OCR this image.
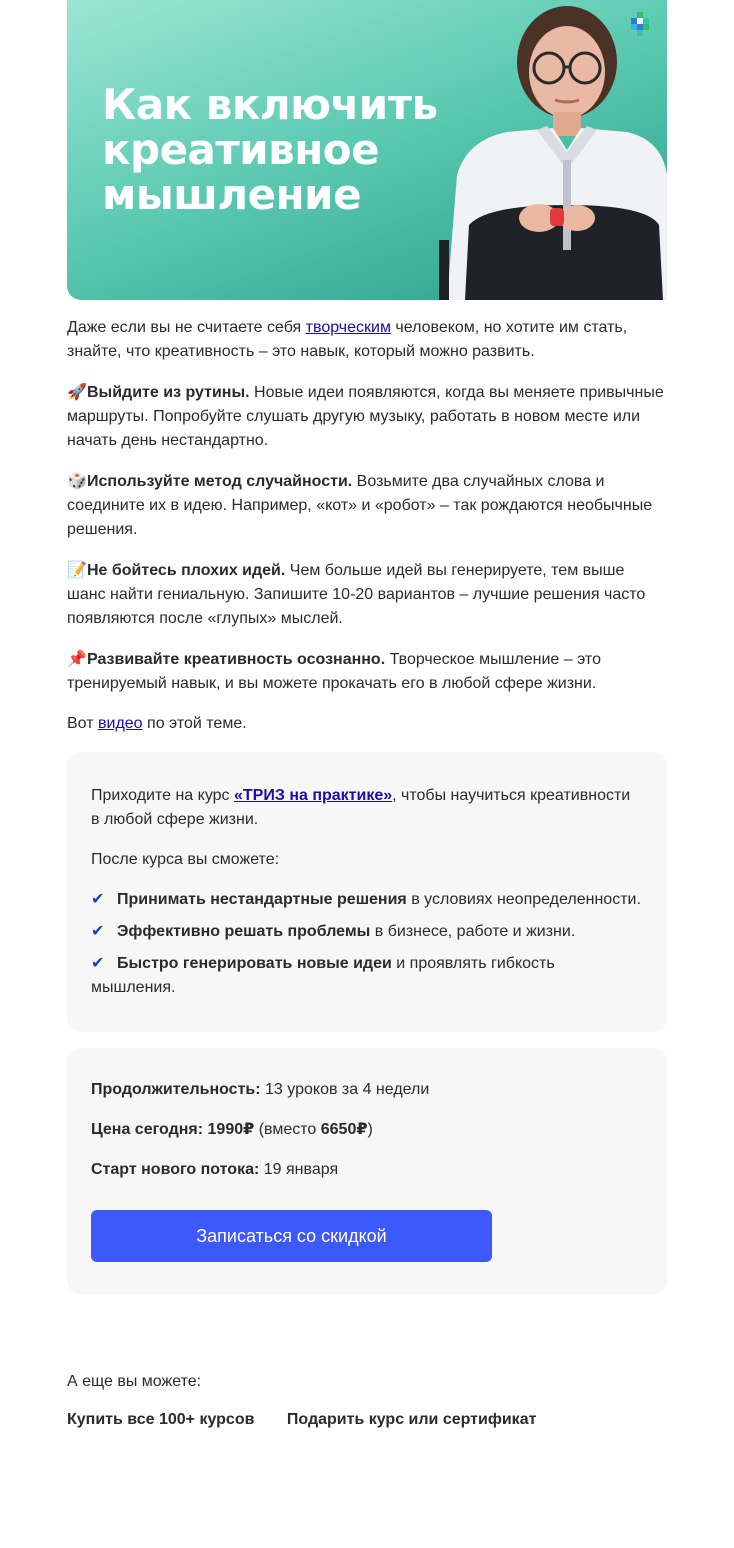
Как включить креативное мышление

Даже если вы не считаете себя творческим человеком, но хотите им стать, знайте, что креативность – это навык, который можно развить.

🚀Выйдите из рутины. Новые идеи появляются, когда вы меняете привычные маршруты. Попробуйте слушать другую музыку, работать в новом месте или начать день нестандартно.

🎲Используйте метод случайности. Возьмите два случайных слова и соедините их в идею. Например, «кот» и «робот» – так рождаются необычные решения.

📝Не бойтесь плохих идей. Чем больше идей вы генерируете, тем выше шанс найти гениальную. Запишите 10-20 вариантов – лучшие решения часто появляются после «глупых» мыслей.

📌Развивайте креативность осознанно. Творческое мышление – это тренируемый навык, и вы можете прокачать его в любой сфере жизни.

Вот видео по этой теме.

Приходите на курс «ТРИЗ на практике», чтобы научиться креативности в любой сфере жизни.

После курса вы сможете:

✔ Принимать нестандартные решения в условиях неопределенности.
✔ Эффективно решать проблемы в бизнесе, работе и жизни.
✔ Быстро генерировать новые идеи и проявлять гибкость мышления.

Продолжительность: 13 уроков за 4 недели

Цена сегодня: 1990₽ (вместо 6650₽)

Старт нового потока: 19 января

Записаться со скидкой

А еще вы можете:

Купить все 100+ курсов Подарить курс или сертификат
